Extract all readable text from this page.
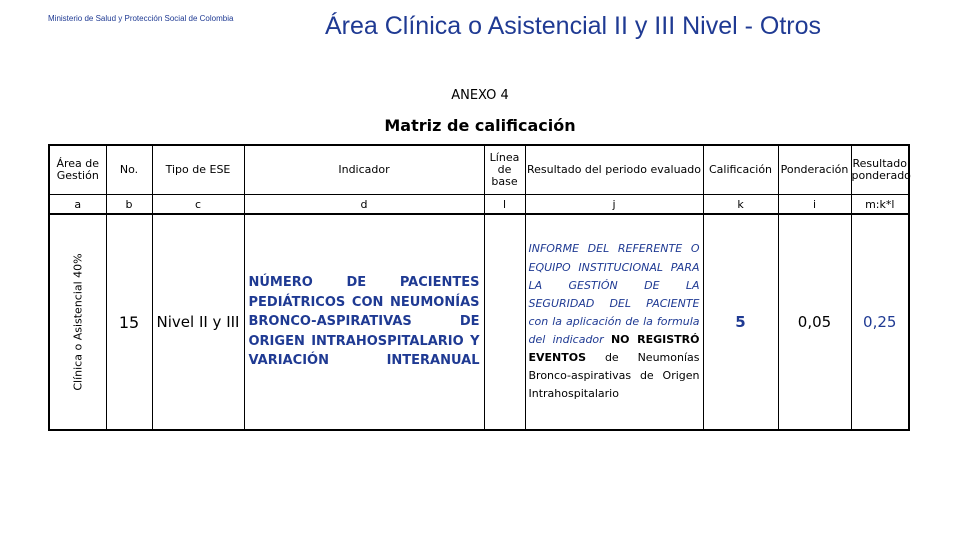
Ministerio de Salud y Protección Social de Colombia	Área Clínica o Asistencial II y III Nivel - Otros
ANEXO 4
Matriz de calificación
Área de Gestión	No.	Tipo de ESE	Indicador	Línea de base	Resultado del periodo evaluado	Calificación	Ponderación	Resultado ponderado
a	b	c	d	l	j	k	i	m:k*l

Clínica o Asistencial 40%	15	Nivel II y III	NÚMERO DE PACIENTES PEDIÁTRICOS CON NEUMONÍAS BRONCO-ASPIRATIVAS DE ORIGEN INTRAHOSPITALARIO Y VARIACIÓN INTERANUAL		INFORME DEL REFERENTE O EQUIPO INSTITUCIONAL PARA LA GESTIÓN DE LA SEGURIDAD DEL PACIENTE con la aplicación de la formula del indicador NO REGISTRÓ EVENTOS de Neumonías Bronco-aspirativas de Origen Intrahospitalario	5	0,05	0,25
